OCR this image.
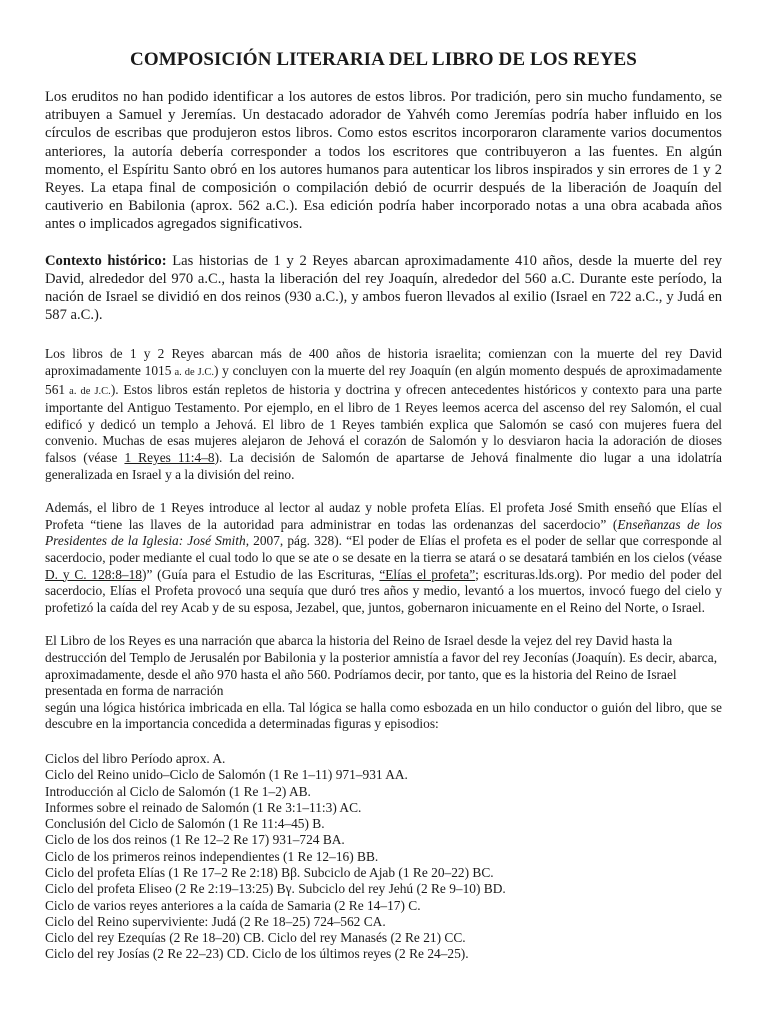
COMPOSICIÓN LITERARIA DEL LIBRO DE LOS REYES

Los eruditos no han podido identificar a los autores de estos libros. Por tradición, pero sin mucho fundamento, se atribuyen a Samuel y Jeremías. Un destacado adorador de Yahvéh como Jeremías podría haber influido en los círculos de escribas que produjeron estos libros. Como estos escritos incorporaron claramente varios documentos anteriores, la autoría debería corresponder a todos los escritores que contribuyeron a las fuentes. En algún momento, el Espíritu Santo obró en los autores humanos para autenticar los libros inspirados y sin errores de 1 y 2 Reyes. La etapa final de composición o compilación debió de ocurrir después de la liberación de Joaquín del cautiverio en Babilonia (aprox. 562 a.C.). Esa edición podría haber incorporado notas a una obra acabada años antes o implicados agregados significativos.

Contexto histórico: Las historias de 1 y 2 Reyes abarcan aproximadamente 410 años, desde la muerte del rey David, alrededor del 970 a.C., hasta la liberación del rey Joaquín, alrededor del 560 a.C. Durante este período, la nación de Israel se dividió en dos reinos (930 a.C.), y ambos fueron llevados al exilio (Israel en 722 a.C., y Judá en 587 a.C.).

Los libros de 1 y 2 Reyes abarcan más de 400 años de historia israelita; comienzan con la muerte del rey David aproximadamente 1015 a. de J.C.) y concluyen con la muerte del rey Joaquín (en algún momento después de aproximadamente 561 a. de J.C.). Estos libros están repletos de historia y doctrina y ofrecen antecedentes históricos y contexto para una parte importante del Antiguo Testamento. Por ejemplo, en el libro de 1 Reyes leemos acerca del ascenso del rey Salomón, el cual edificó y dedicó un templo a Jehová. El libro de 1 Reyes también explica que Salomón se casó con mujeres fuera del convenio. Muchas de esas mujeres alejaron de Jehová el corazón de Salomón y lo desviaron hacia la adoración de dioses falsos (véase 1 Reyes 11:4–8). La decisión de Salomón de apartarse de Jehová finalmente dio lugar a una idolatría generalizada en Israel y a la división del reino.

Además, el libro de 1 Reyes introduce al lector al audaz y noble profeta Elías. El profeta José Smith enseñó que Elías el Profeta “tiene las llaves de la autoridad para administrar en todas las ordenanzas del sacerdocio” (Enseñanzas de los Presidentes de la Iglesia: José Smith, 2007, pág. 328). “El poder de Elías el profeta es el poder de sellar que corresponde al sacerdocio, poder mediante el cual todo lo que se ate o se desate en la tierra se atará o se desatará también en los cielos (véase D. y C. 128:8–18)” (Guía para el Estudio de las Escrituras, “Elías el profeta”; escrituras.lds.org). Por medio del poder del sacerdocio, Elías el Profeta provocó una sequía que duró tres años y medio, levantó a los muertos, invocó fuego del cielo y profetizó la caída del rey Acab y de su esposa, Jezabel, que, juntos, gobernaron inicuamente en el Reino del Norte, o Israel.

El Libro de los Reyes es una narración que abarca la historia del Reino de Israel desde la vejez del rey David hasta la destrucción del Templo de Jerusalén por Babilonia y la posterior amnistía a favor del rey Jeconías (Joaquín). Es decir, abarca, aproximadamente, desde el año 970 hasta el año 560. Podríamos decir, por tanto, que es la historia del Reino de Israel presentada en forma de narración

según una lógica histórica imbricada en ella. Tal lógica se halla como esbozada en un hilo conductor o guión del libro, que se descubre en la importancia concedida a determinadas figuras y episodios:

Ciclos del libro Período aprox. A.
Ciclo del Reino unido–Ciclo de Salomón (1 Re 1–11) 971–931 AA.
Introducción al Ciclo de Salomón (1 Re 1–2) AB.
Informes sobre el reinado de Salomón (1 Re 3:1–11:3) AC.
Conclusión del Ciclo de Salomón (1 Re 11:4–45) B.
Ciclo de los dos reinos (1 Re 12–2 Re 17) 931–724 BA.
Ciclo de los primeros reinos independientes (1 Re 12–16) BB.
Ciclo del profeta Elías (1 Re 17–2 Re 2:18) Bβ. Subciclo de Ajab (1 Re 20–22) BC.
Ciclo del profeta Eliseo (2 Re 2:19–13:25) Bγ. Subciclo del rey Jehú (2 Re 9–10) BD.
Ciclo de varios reyes anteriores a la caída de Samaria (2 Re 14–17) C.
Ciclo del Reino superviviente: Judá (2 Re 18–25) 724–562 CA.
Ciclo del rey Ezequías (2 Re 18–20) CB. Ciclo del rey Manasés (2 Re 21) CC.
Ciclo del rey Josías (2 Re 22–23) CD. Ciclo de los últimos reyes (2 Re 24–25).
